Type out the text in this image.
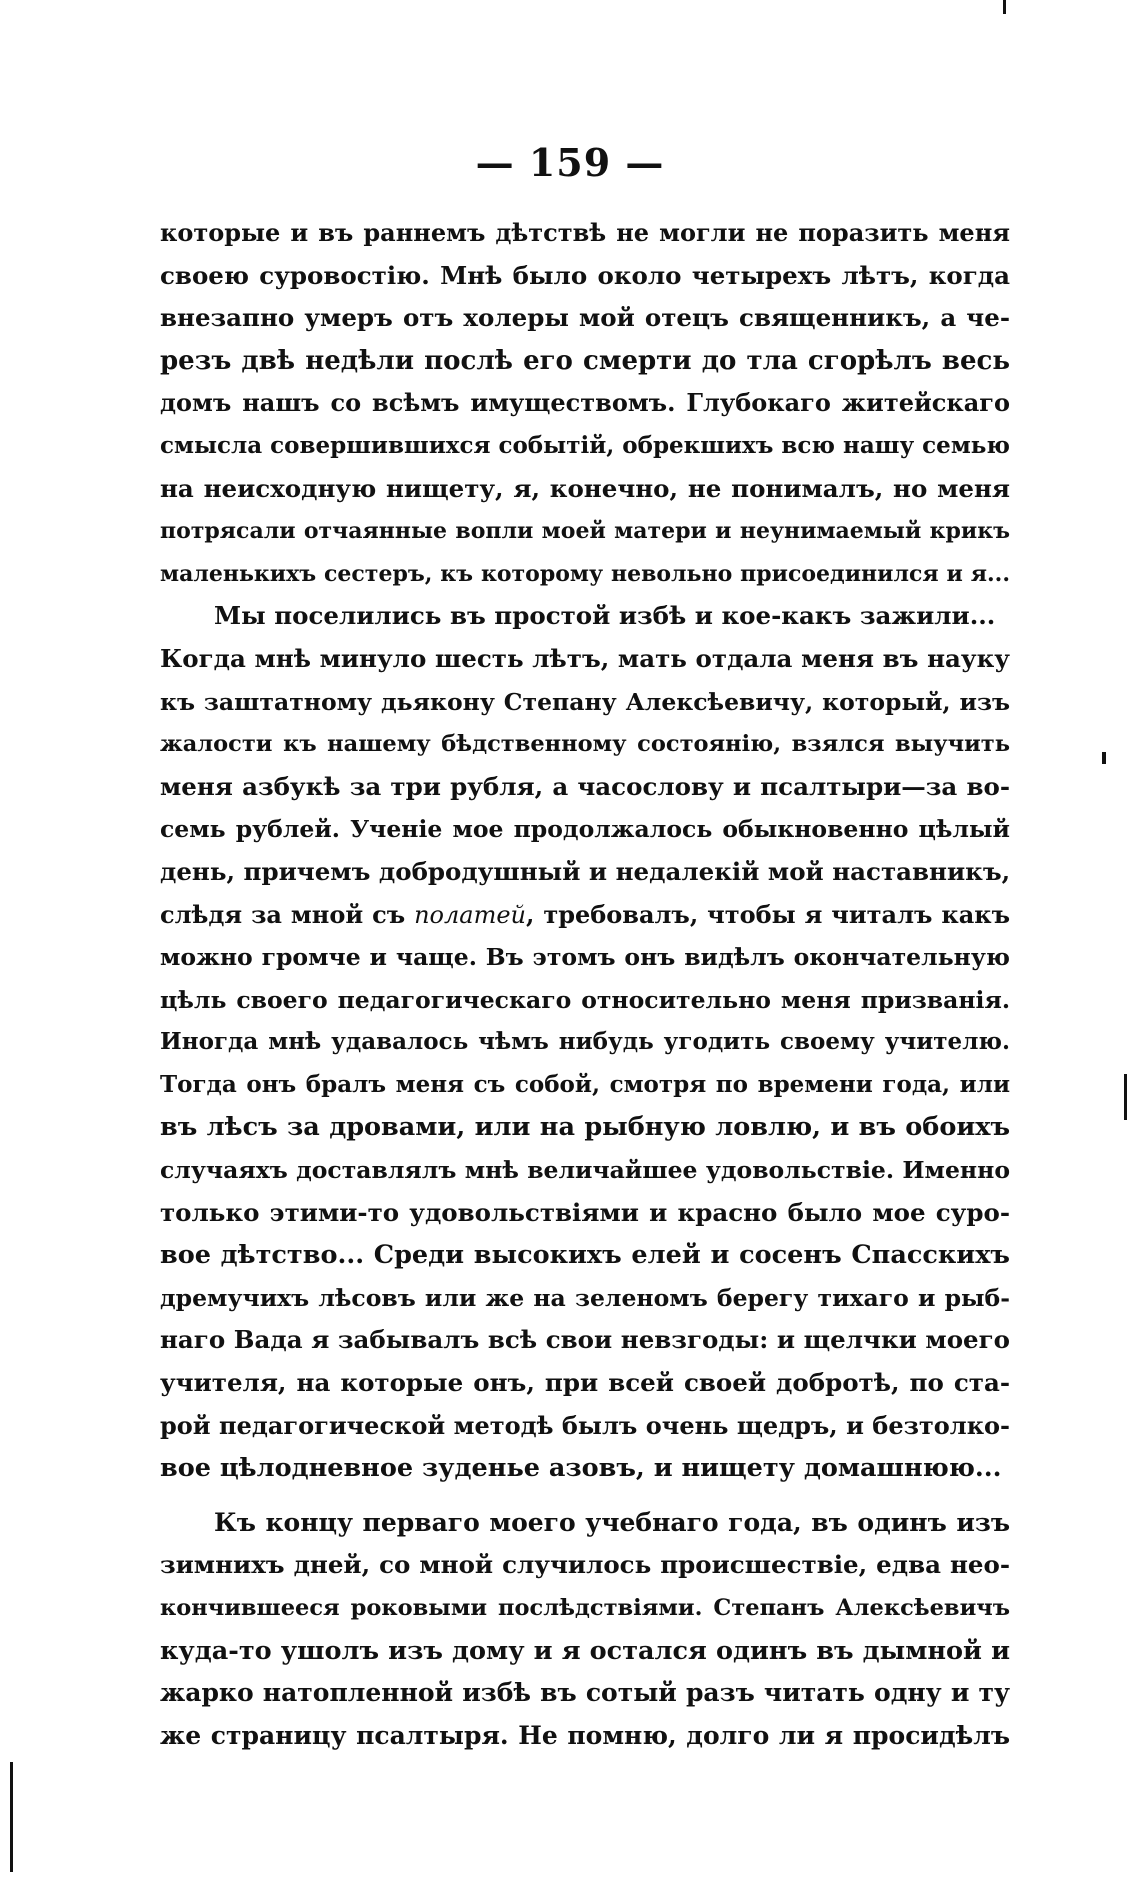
— 159 —
которые и въ раннемъ дѣтствѣ не могли не поразить меня
своею суровостію. Мнѣ было около четырехъ лѣтъ, когда
внезапно умеръ отъ холеры мой отецъ священникъ, а че-
резъ двѣ недѣли послѣ его смерти до тла сгорѣлъ весь
домъ нашъ со всѣмъ имуществомъ. Глубокаго житейскаго
смысла совершившихся событій, обрекшихъ всю нашу семью
на неисходную нищету, я, конечно, не понималъ, но меня
потрясали отчаянные вопли моей матери и неунимаемый крикъ
маленькихъ сестеръ, къ которому невольно присоединился и я...
Мы поселились въ простой избѣ и кое-какъ зажили...
Когда мнѣ минуло шесть лѣтъ, мать отдала меня въ науку
къ заштатному дьякону Степану Алексѣевичу, который, изъ
жалости къ нашему бѣдственному состоянію, взялся выучить
меня азбукѣ за три рубля, а часослову и псалтыри—за во-
семь рублей. Ученіе мое продолжалось обыкновенно цѣлый
день, причемъ добродушный и недалекій мой наставникъ,
слѣдя за мной съ полатей, требовалъ, чтобы я читалъ какъ
можно громче и чаще. Въ этомъ онъ видѣлъ окончательную
цѣль своего педагогическаго относительно меня призванія.
Иногда мнѣ удавалось чѣмъ нибудь угодить своему учителю.
Тогда онъ бралъ меня съ собой, смотря по времени года, или
въ лѣсъ за дровами, или на рыбную ловлю, и въ обоихъ
случаяхъ доставлялъ мнѣ величайшее удовольствіе. Именно
только этими-то удовольствіями и красно было мое суро-
вое дѣтство... Среди высокихъ елей и сосенъ Спасскихъ
дремучихъ лѣсовъ или же на зеленомъ берегу тихаго и рыб-
наго Вада я забывалъ всѣ свои невзгоды: и щелчки моего
учителя, на которые онъ, при всей своей добротѣ, по ста-
рой педагогической методѣ былъ очень щедръ, и безтолко-
вое цѣлодневное зуденье азовъ, и нищету домашнюю...
Къ концу перваго моего учебнаго года, въ одинъ изъ
зимнихъ дней, со мной случилось происшествіе, едва нео-
кончившееся роковыми послѣдствіями. Степанъ Алексѣевичъ
куда-то ушолъ изъ дому и я остался одинъ въ дымной и
жарко натопленной избѣ въ сотый разъ читать одну и ту
же страницу псалтыря. Не помню, долго ли я просидѣлъ
